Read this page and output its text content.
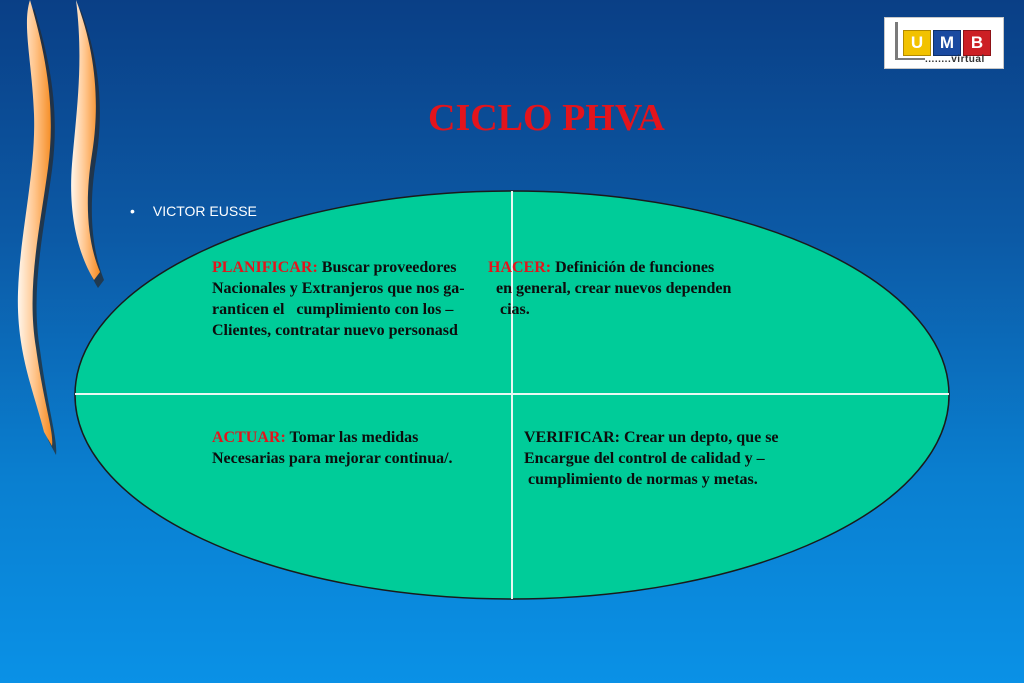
U M B
........virtual
CICLO PHVA
• VICTOR EUSSE
PLANIFICAR: Buscar proveedores
Nacionales y Extranjeros que nos ga-
ranticen el   cumplimiento con los –
Clientes, contratar nuevo personasd
HACER: Definición de funciones
en general, crear nuevos dependen
cias.
ACTUAR: Tomar las medidas
Necesarias para mejorar continua/.
VERIFICAR: Crear un depto, que se
Encargue del control de calidad y –
cumplimiento de normas y metas.
